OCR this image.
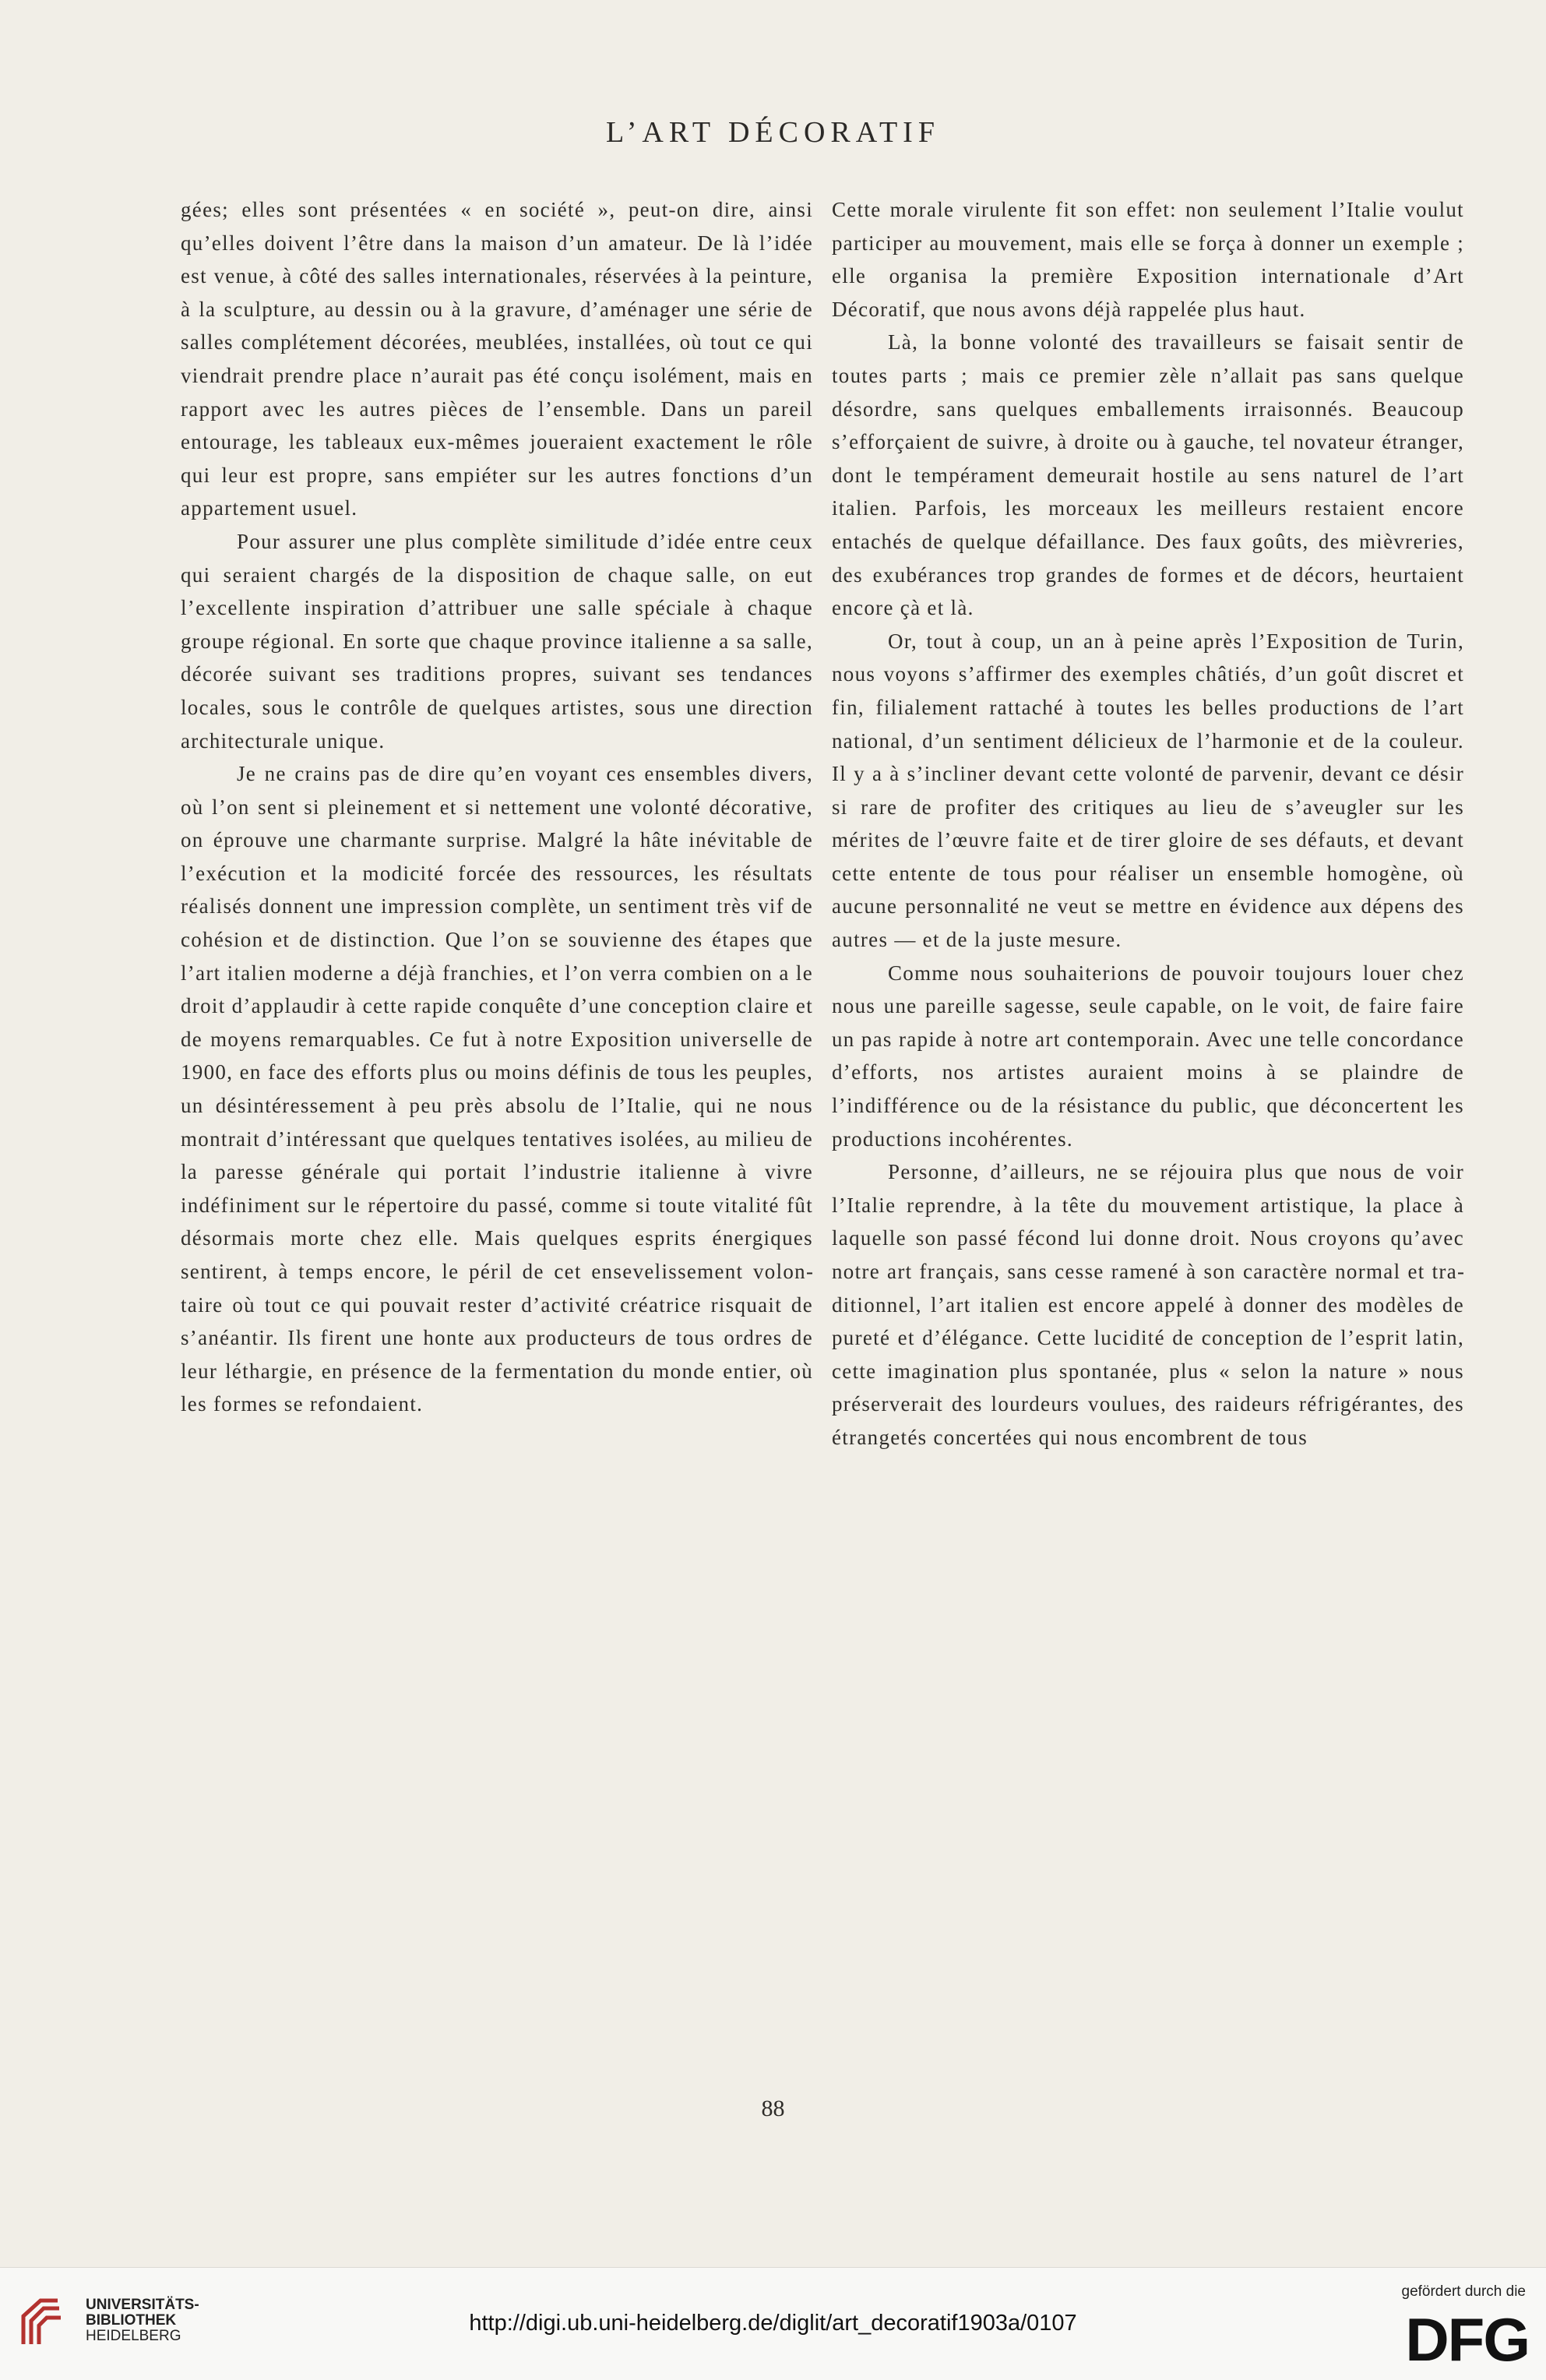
L’ART DÉCORATIF

gées; elles sont présentées « en société », peut-on dire, ainsi qu’elles doivent l’être dans la maison d’un amateur. De là l’idée est venue, à côté des salles internationales, réservées à la peinture, à la sculpture, au dessin ou à la gravure, d’aménager une série de salles complétement décorées, meublées, installées, où tout ce qui viendrait prendre place n’aurait pas été conçu isolément, mais en rapport avec les autres pièces de l’ensemble. Dans un pareil entourage, les tableaux eux-mêmes joueraient exactement le rôle qui leur est propre, sans empiéter sur les autres fonctions d’un appartement usuel.

Pour assurer une plus complète similitude d’idée entre ceux qui seraient chargés de la disposition de chaque salle, on eut l’excellente inspiration d’attribuer une salle spéciale à chaque groupe régional. En sorte que chaque province italienne a sa salle, décorée suivant ses traditions propres, suivant ses tendances locales, sous le contrôle de quelques artistes, sous une direction architecturale unique.

Je ne crains pas de dire qu’en voyant ces ensembles divers, où l’on sent si pleinement et si nettement une volonté décorative, on éprouve une charmante surprise. Malgré la hâte inévitable de l’exécution et la modicité forcée des ressources, les résultats réalisés donnent une impression complète, un sentiment très vif de cohésion et de distinction. Que l’on se souvienne des étapes que l’art italien moderne a déjà franchies, et l’on verra combien on a le droit d’applaudir à cette rapide conquête d’une conception claire et de moyens remarquables. Ce fut à notre Exposition universelle de 1900, en face des efforts plus ou moins définis de tous les peuples, un désintéressement à peu près absolu de l’Italie, qui ne nous montrait d’intéressant que quelques tentatives isolées, au milieu de la paresse générale qui portait l’industrie italienne à vivre indéfiniment sur le répertoire du passé, comme si toute vitalité fût désormais morte chez elle. Mais quelques esprits énergiques sentirent, à temps encore, le péril de cet ensevelissement volontaire où tout ce qui pouvait rester d’activité créatrice risquait de s’anéantir. Ils firent une honte aux producteurs de tous ordres de leur léthargie, en présence de la fermentation du monde entier, où les formes se refondaient.

Cette morale virulente fit son effet: non seulement l’Italie voulut participer au mouvement, mais elle se força à donner un exemple ; elle organisa la première Exposition internationale d’Art Décoratif, que nous avons déjà rappelée plus haut.

Là, la bonne volonté des travailleurs se faisait sentir de toutes parts ; mais ce premier zèle n’allait pas sans quelque désordre, sans quelques emballements irraisonnés. Beaucoup s’efforçaient de suivre, à droite ou à gauche, tel novateur étranger, dont le tempérament demeurait hostile au sens naturel de l’art italien. Parfois, les morceaux les meilleurs restaient encore entachés de quelque défaillance. Des faux goûts, des mièvreries, des exubérances trop grandes de formes et de décors, heurtaient encore çà et là.

Or, tout à coup, un an à peine après l’Exposition de Turin, nous voyons s’affirmer des exemples châtiés, d’un goût discret et fin, filialement rattaché à toutes les belles productions de l’art national, d’un sentiment délicieux de l’harmonie et de la couleur. Il y a à s’incliner devant cette volonté de parvenir, devant ce désir si rare de profiter des critiques au lieu de s’aveugler sur les mérites de l’œuvre faite et de tirer gloire de ses défauts, et devant cette entente de tous pour réaliser un ensemble homogène, où aucune personnalité ne veut se mettre en évidence aux dépens des autres — et de la juste mesure.

Comme nous souhaiterions de pouvoir toujours louer chez nous une pareille sagesse, seule capable, on le voit, de faire faire un pas rapide à notre art contemporain. Avec une telle concordance d’efforts, nos artistes auraient moins à se plaindre de l’indifférence ou de la résistance du public, que déconcertent les productions incohérentes.

Personne, d’ailleurs, ne se réjouira plus que nous de voir l’Italie reprendre, à la tête du mouvement artistique, la place à laquelle son passé fécond lui donne droit. Nous croyons qu’avec notre art français, sans cesse ramené à son caractère normal et traditionnel, l’art italien est encore appelé à donner des modèles de pureté et d’élégance. Cette lucidité de conception de l’esprit latin, cette imagination plus spontanée, plus « selon la nature » nous préserverait des lourdeurs voulues, des raideurs réfrigérantes, des étrangetés concertées qui nous encombrent de tous

88
UNIVERSITÄTS-
BIBLIOTHEK
HEIDELBERG
http://digi.ub.uni-heidelberg.de/diglit/art_decoratif1903a/0107
gefördert durch die
DFG
